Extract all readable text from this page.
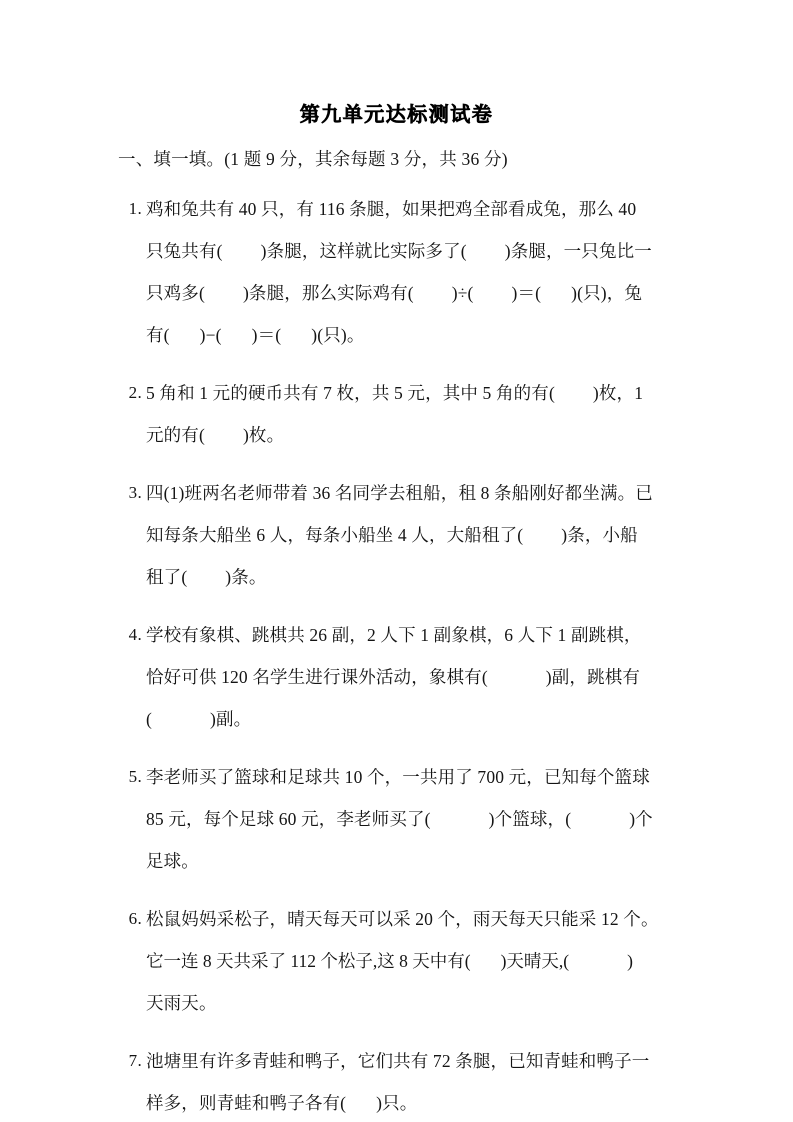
第九单元达标测试卷
一、填一填。(1 题 9 分，其余每题 3 分，共 36 分)
1. 鸡和兔共有 40 只，有 116 条腿，如果把鸡全部看成兔，那么 40
只兔共有( )条腿，这样就比实际多了( )条腿，一只兔比一
只鸡多( )条腿，那么实际鸡有( )÷( )＝( )(只)，兔
有( )−( )＝( )(只)。
2. 5 角和 1 元的硬币共有 7 枚，共 5 元，其中 5 角的有( )枚，1
元的有( )枚。
3. 四(1)班两名老师带着 36 名同学去租船，租 8 条船刚好都坐满。已
知每条大船坐 6 人，每条小船坐 4 人，大船租了( )条，小船
租了( )条。
4. 学校有象棋、跳棋共 26 副，2 人下 1 副象棋，6 人下 1 副跳棋，
恰好可供 120 名学生进行课外活动，象棋有(	)副，跳棋有
(	)副。
5. 李老师买了篮球和足球共 10 个，一共用了 700 元，已知每个篮球
85 元，每个足球 60 元，李老师买了(	)个篮球，(	)个
足球。
6. 松鼠妈妈采松子，晴天每天可以采 20 个，雨天每天只能采 12 个。
它一连 8 天共采了 112 个松子,这 8 天中有( )天晴天,(	)
天雨天。
7. 池塘里有许多青蛙和鸭子，它们共有 72 条腿，已知青蛙和鸭子一
样多，则青蛙和鸭子各有( )只。
